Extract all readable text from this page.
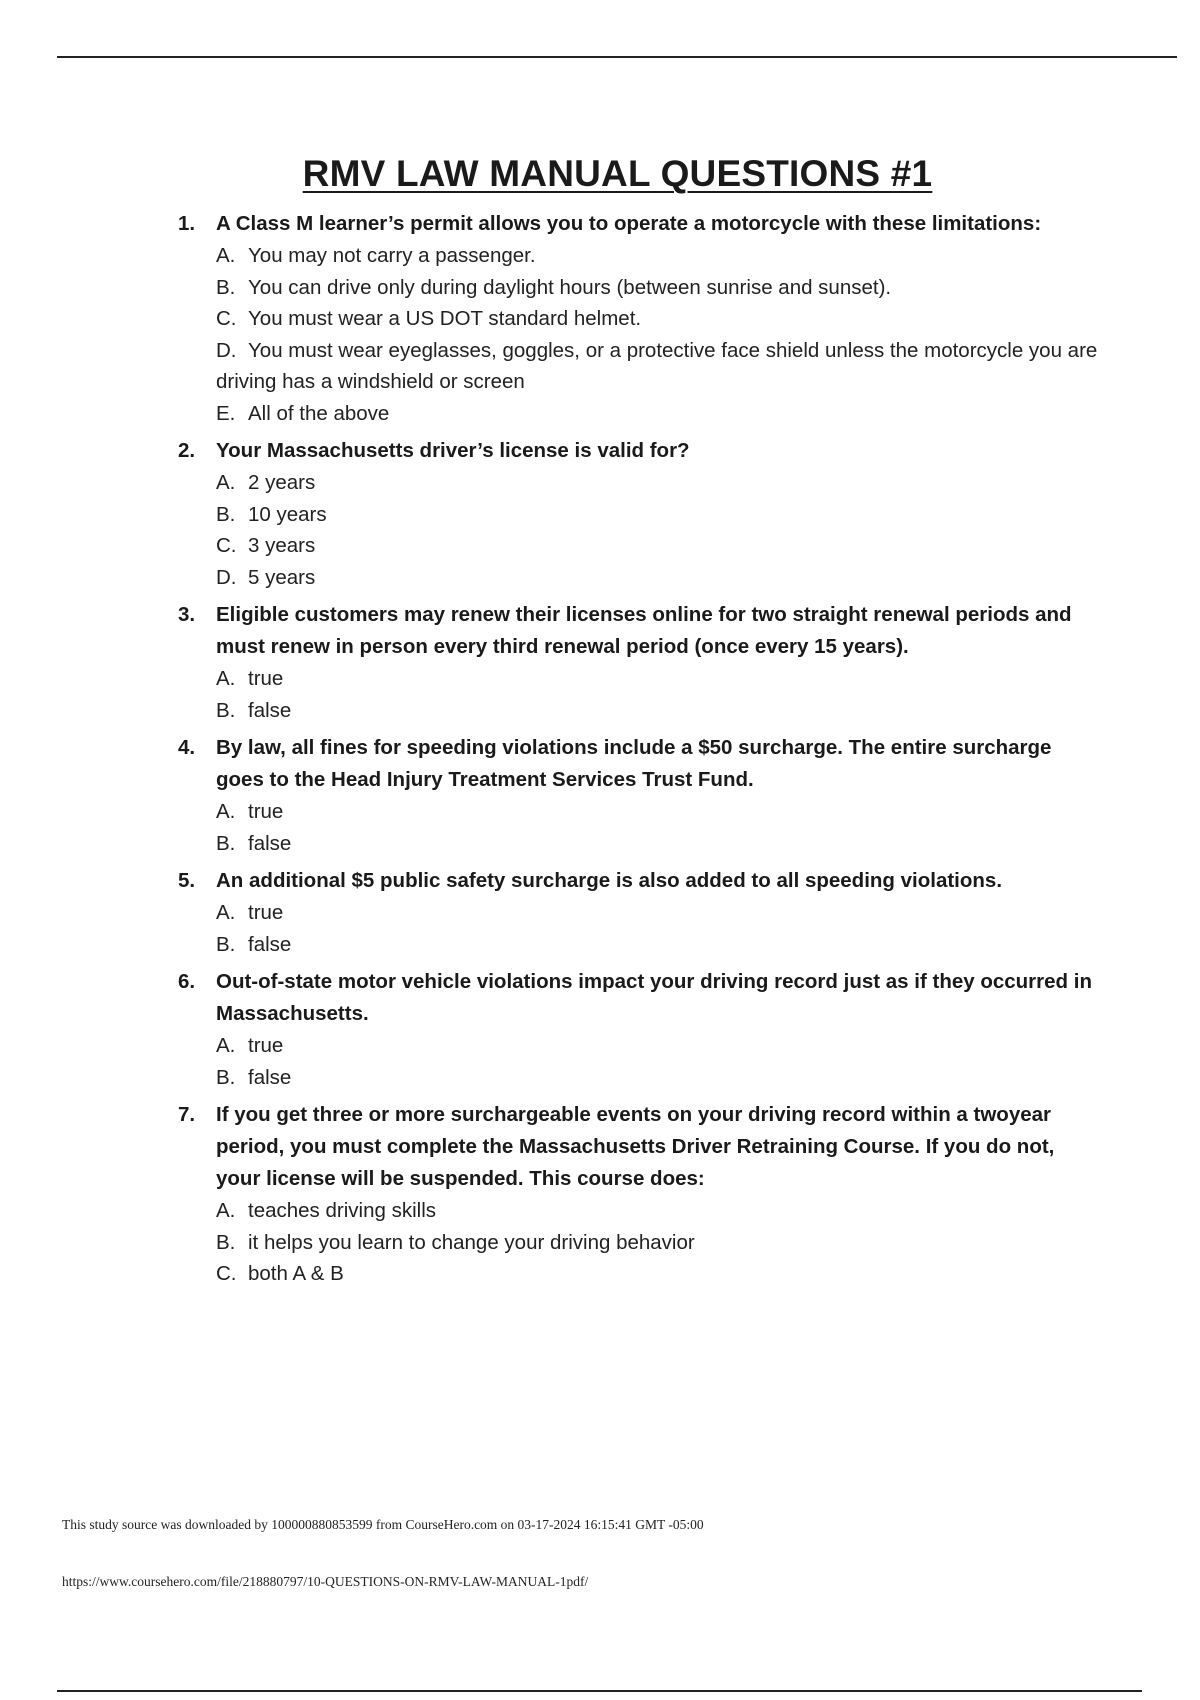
RMV LAW MANUAL QUESTIONS #1
1.	A Class M learner’s permit allows you to operate a motorcycle with these limitations:
A. You may not carry a passenger.
B. You can drive only during daylight hours (between sunrise and sunset).
C. You must wear a US DOT standard helmet.
D. You must wear eyeglasses, goggles, or a protective face shield unless the motorcycle you are driving has a windshield or screen
E. All of the above
2.	Your Massachusetts driver’s license is valid for?
A. 2 years
B. 10 years
C. 3 years
D. 5 years
3.	Eligible customers may renew their licenses online for two straight renewal periods and must renew in person every third renewal period (once every 15 years).
A. true
B. false
4.	By law, all fines for speeding violations include a $50 surcharge. The entire surcharge goes to the Head Injury Treatment Services Trust Fund.
A. true
B. false
5.	An additional $5 public safety surcharge is also added to all speeding violations.
A. true
B. false
6.	Out-of-state motor vehicle violations impact your driving record just as if they occurred in Massachusetts.
A. true
B. false
7.	If you get three or more surchargeable events on your driving record within a twoyear period, you must complete the Massachusetts Driver Retraining Course. If you do not, your license will be suspended. This course does:
A. teaches driving skills
B. it helps you learn to change your driving behavior
C. both A & B
This study source was downloaded by 100000880853599 from CourseHero.com on 03-17-2024 16:15:41 GMT -05:00
https://www.coursehero.com/file/218880797/10-QUESTIONS-ON-RMV-LAW-MANUAL-1pdf/
